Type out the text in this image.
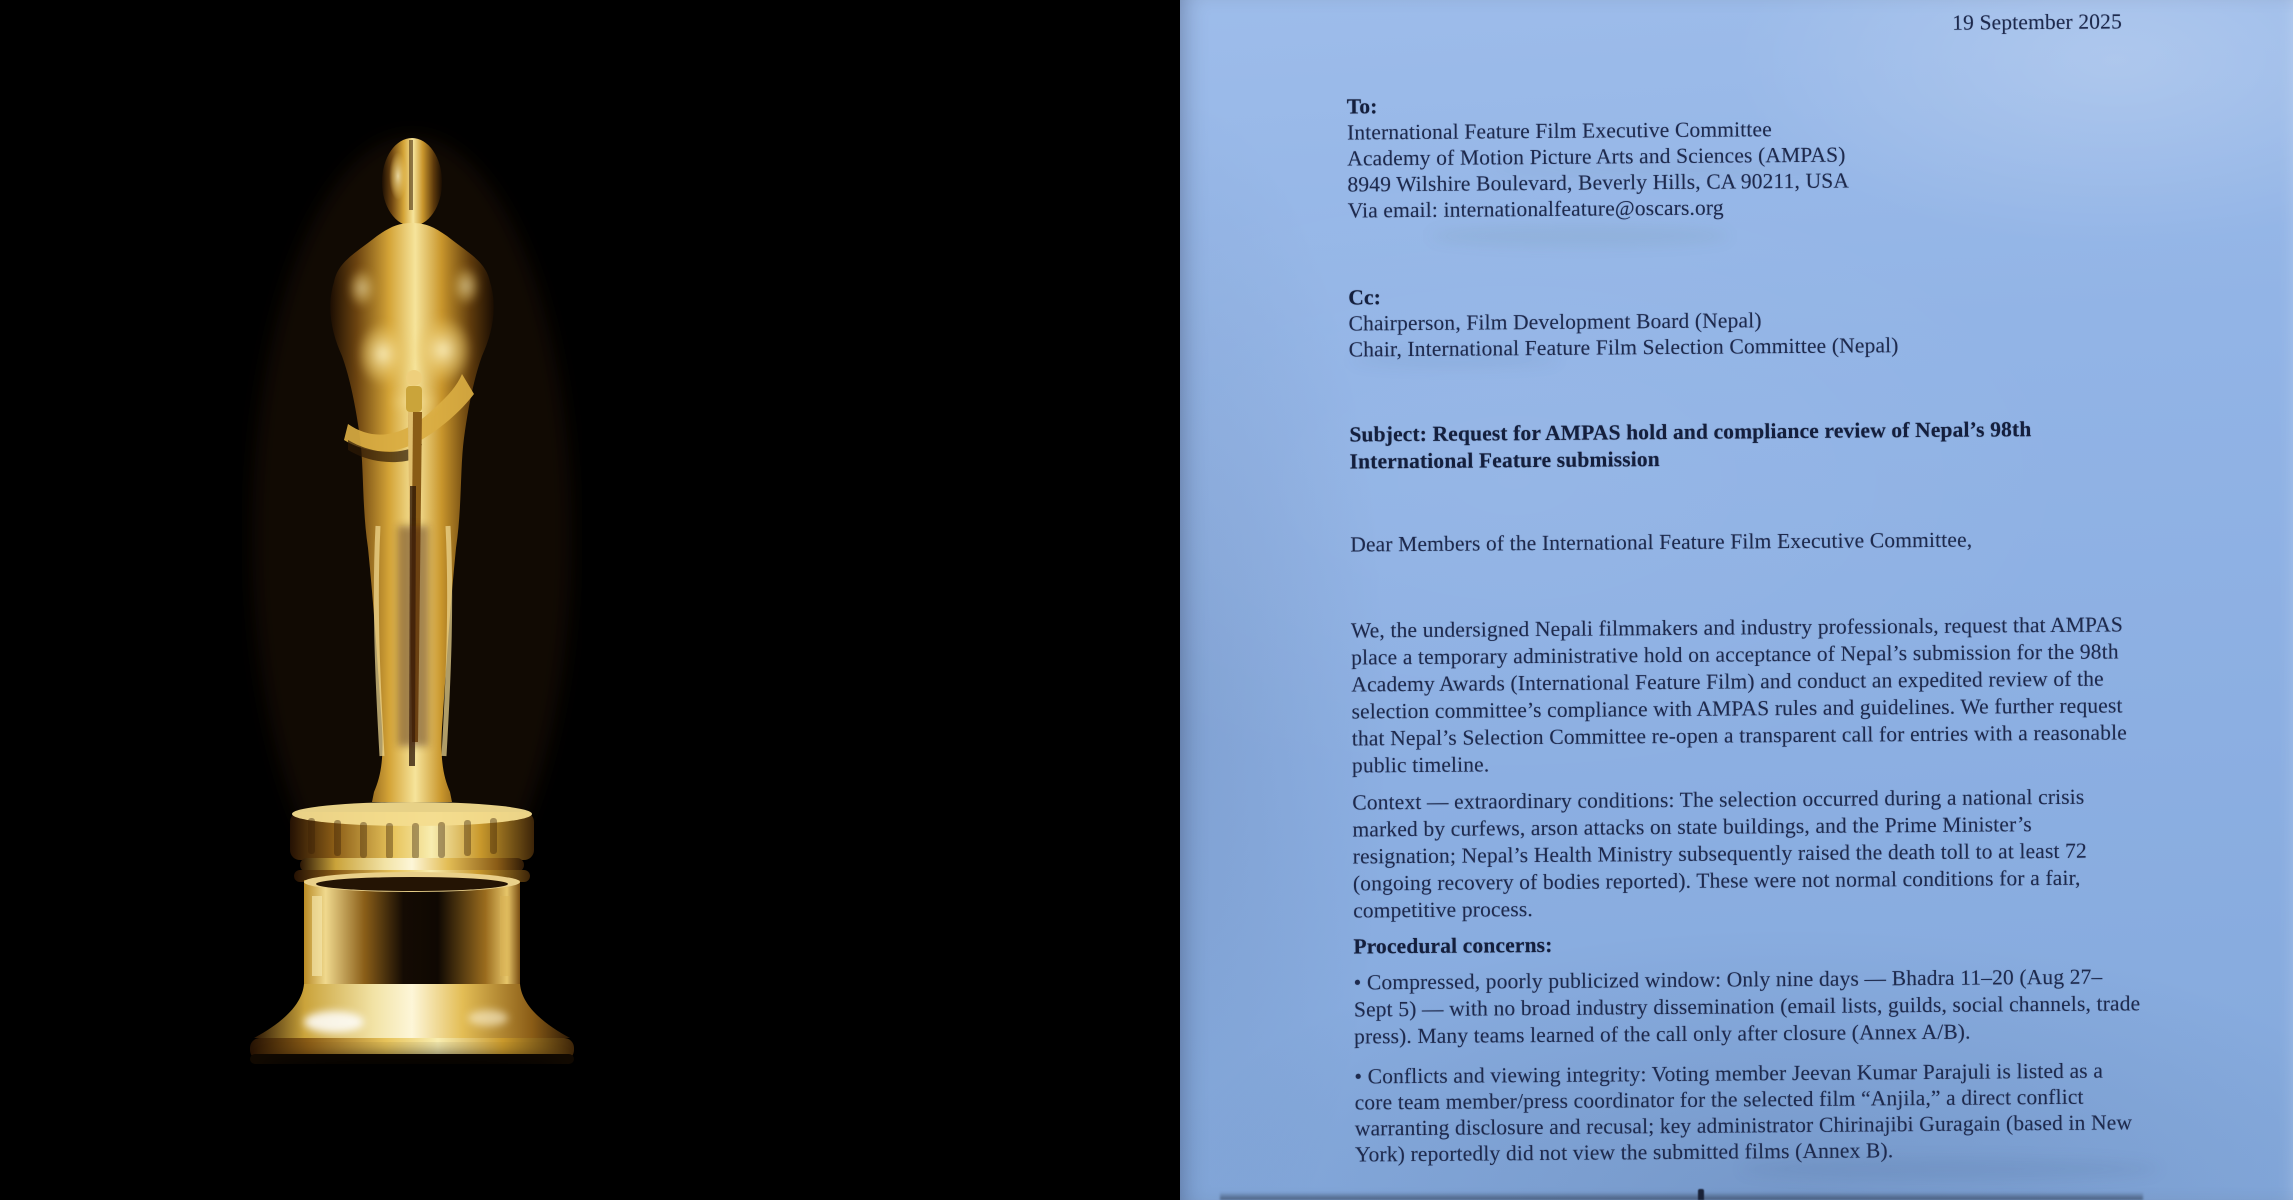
19 September 2025
To:
International Feature Film Executive Committee
Academy of Motion Picture Arts and Sciences (AMPAS)
8949 Wilshire Boulevard, Beverly Hills, CA 90211, USA
Via email: internationalfeature@oscars.org
Cc:
Chairperson, Film Development Board (Nepal)
Chair, International Feature Film Selection Committee (Nepal)
Subject: Request for AMPAS hold and compliance review of Nepal’s 98th
International Feature submission
Dear Members of the International Feature Film Executive Committee,
We, the undersigned Nepali filmmakers and industry professionals, request that AMPAS
place a temporary administrative hold on acceptance of Nepal’s submission for the 98th
Academy Awards (International Feature Film) and conduct an expedited review of the
selection committee’s compliance with AMPAS rules and guidelines. We further request
that Nepal’s Selection Committee re-open a transparent call for entries with a reasonable
public timeline.
Context — extraordinary conditions: The selection occurred during a national crisis
marked by curfews, arson attacks on state buildings, and the Prime Minister’s
resignation; Nepal’s Health Ministry subsequently raised the death toll to at least 72
(ongoing recovery of bodies reported). These were not normal conditions for a fair,
competitive process.
Procedural concerns:
• Compressed, poorly publicized window: Only nine days — Bhadra 11–20 (Aug 27–
Sept 5) — with no broad industry dissemination (email lists, guilds, social channels, trade
press). Many teams learned of the call only after closure (Annex A/B).
• Conflicts and viewing integrity: Voting member Jeevan Kumar Parajuli is listed as a
core team member/press coordinator for the selected film “Anjila,” a direct conflict
warranting disclosure and recusal; key administrator Chirinajibi Guragain (based in New
York) reportedly did not view the submitted films (Annex B).
